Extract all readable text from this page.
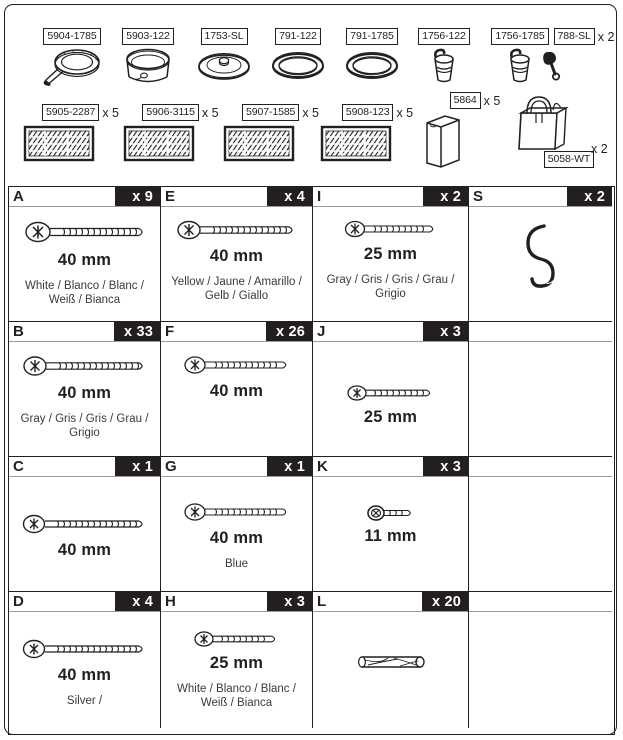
5904-1785	5903-122	1753-SL	791-122	791-1785	1756-122	1756-1785	788-SL x 2
5905-2287 x 5	5906-3115 x 5	5907-1585 x 5	5908-123 x 5
5864 x 5
5058-WT
x 2
A	x 9
40 mm
White / Blanco / Blanc / Weiß / Bianca
E	x 4
40 mm
Yellow / Jaune / Amarillo / Gelb / Giallo
I	x 2
25 mm
Gray / Gris / Gris / Grau / Grigio
S	x 2
B	x 33
40 mm
Gray / Gris / Gris / Grau / Grigio
F	x 26
40 mm
J	x 3
25 mm
C	x 1
40 mm
G	x 1
40 mm
Blue
K	x 3
11 mm
D	x 4
40 mm
Silver /
H	x 3
25 mm
White / Blanco / Blanc / Weiß / Bianca
L	x 20
